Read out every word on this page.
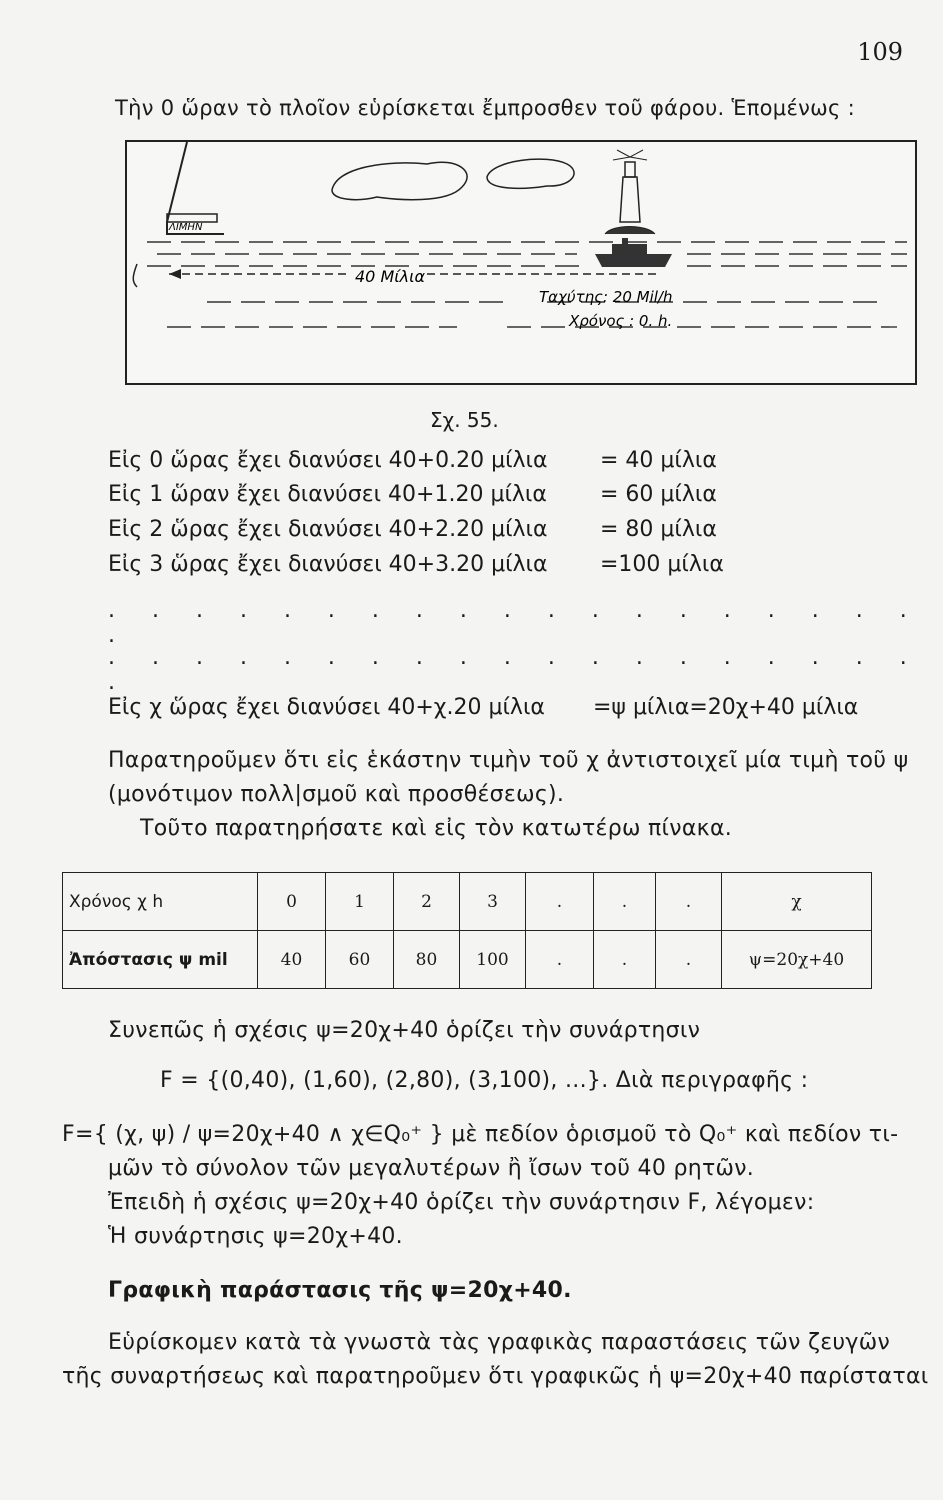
109
Τὴν 0 ὥραν τὸ πλοῖον εὑρίσκεται ἔμπροσθεν τοῦ φάρου. Ἑπομένως :
ΛΙΜΗΝ
40 Μίλια
Ταχύτης: 20 Μil/h
Χρόνος : 0. h.
Σχ. 55.
Εἰς 0 ὥρας ἔχει διανύσει 40+0.20 μίλια = 40 μίλια
Εἰς 1 ὥραν ἔχει διανύσει 40+1.20 μίλια = 60 μίλια
Εἰς 2 ὥρας ἔχει διανύσει 40+2.20 μίλια = 80 μίλια
Εἰς 3 ὥρας ἔχει διανύσει 40+3.20 μίλια =100 μίλια
. . . . . . . . . . . . . . . . . . . .
. . . . . . . . . . . . . . . . . . . .
Εἰς χ ὥρας ἔχει διανύσει 40+χ.20 μίλια =ψ μίλια=20χ+40 μίλια
Παρατηροῦμεν ὅτι εἰς ἑκάστην τιμὴν τοῦ χ ἀντιστοιχεῖ μία τιμὴ τοῦ ψ
(μονότιμον πολλ|σμοῦ καὶ προσθέσεως).
Τοῦτο παρατηρήσατε καὶ εἰς τὸν κατωτέρω πίνακα.
Χρόνος χ h	0	1	2	3	.	.	.	χ
Ἀπόστασις ψ mil	40	60	80	100	.	.	.	ψ=20χ+40
Συνεπῶς ἡ σχέσις ψ=20χ+40 ὁρίζει τὴν συνάρτησιν
F = {(0,40), (1,60), (2,80), (3,100), ...}. Διὰ περιγραφῆς :
F={ (χ, ψ) / ψ=20χ+40 ∧ χ∈Q₀⁺ } μὲ πεδίον ὁρισμοῦ τὸ Q₀⁺ καὶ πεδίον τι-
μῶν τὸ σύνολον τῶν μεγαλυτέρων ἢ ἴσων τοῦ 40 ρητῶν.
Ἐπειδὴ ἡ σχέσις ψ=20χ+40 ὁρίζει τὴν συνάρτησιν F, λέγομεν:
Ἡ συνάρτησις ψ=20χ+40.
Γραφικὴ παράστασις τῆς ψ=20χ+40.
Εὑρίσκομεν κατὰ τὰ γνωστὰ τὰς γραφικὰς παραστάσεις τῶν ζευγῶν
τῆς συναρτήσεως καὶ παρατηροῦμεν ὅτι γραφικῶς ἡ ψ=20χ+40 παρίσταται
